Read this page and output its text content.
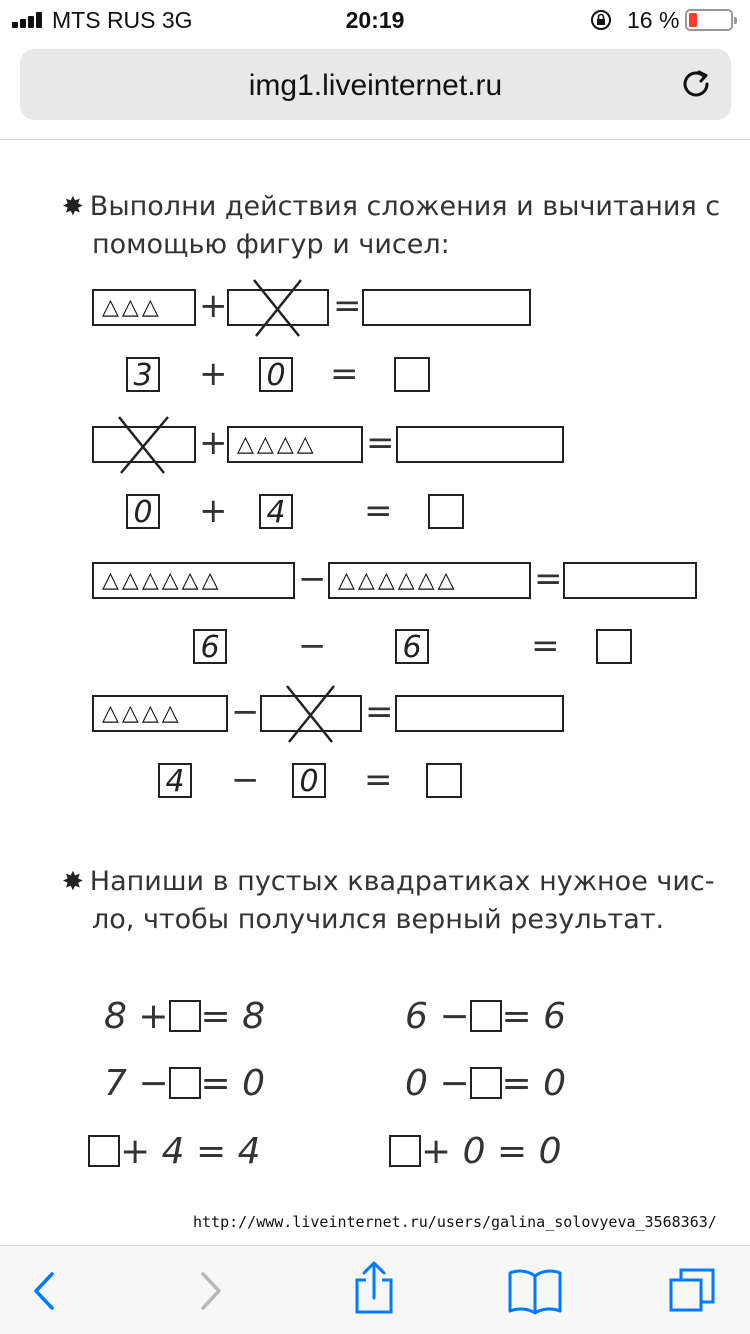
MTS RUS 3G	20:19	16 %
img1.liveinternet.ru
✸ Выполни действия сложения и вычитания с
помощью фигур и чисел:
△△△ +	=
3 + 0 =
+ △△△△ =
0 + 4 =
△△△△△△ − △△△△△△ =
6 −	6	=
△△△△ −	=
4 − 0 =
✸ Напиши в пустых квадратиках нужное чис-
ло, чтобы получился верный результат.
8 + = 8
7 − = 0
+ 4 = 4
6 − = 6
0 − = 0
+ 0 = 0
http://www.liveinternet.ru/users/galina_solovyeva_3568363/
